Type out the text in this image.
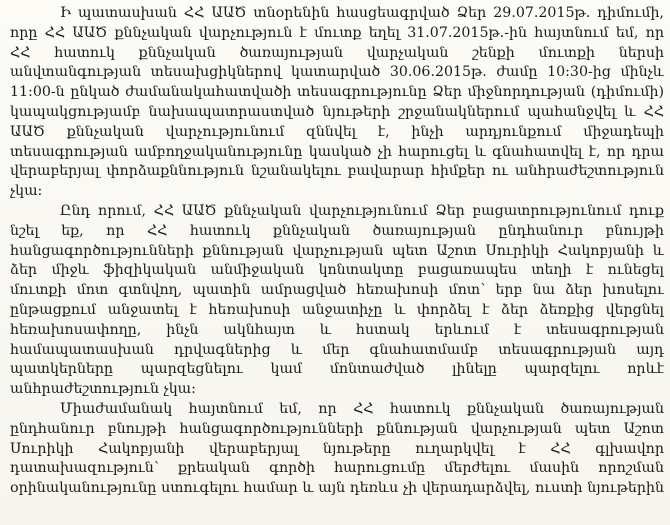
Ի պատասխան ՀՀ ԱԱԾ տնօրենին հասցեագրված Ձեր 29.07.2015թ. դիմումի,
որը ՀՀ ԱԱԾ քննչական վարչություն է մուտք եղել 31.07.2015թ.-ին հայտնում եմ, որ
ՀՀ հատուկ քննչական ծառայության վարչական շենքի մուտքի ներսի
անվտանգության տեսախցիկներով կատարված 30.06.2015թ. ժամը 10:30-ից մինչև
11:00-ն ընկած ժամանակահատվածի տեսագրությունը Ձեր միջնորդության (դիմումի)
կապակցությամբ նախապատրաստված նյութերի շրջանակներում պահանջվել և ՀՀ
ԱԱԾ քննչական վարչությունում զննվել է, ինչի արդյունքում միջադեպի
տեսագրության ամբողջականությունը կասկած չի հարուցել և գնահատվել է, որ դրա
վերաբերյալ փորձաքննություն նշանակելու բավարար հիմքեր ու անհրաժեշտություն
չկա:
Ընդ որում, ՀՀ ԱԱԾ քննչական վարչությունում Ձեր բացատրությունում դուք
նշել եք, որ ՀՀ հատուկ քննչական ծառայության ընդհանուր բնույթի
հանցագործությունների քննության վարչության պետ Աշոտ Սուրիկի Հակոբյանի և
ձեր միջև ֆիզիկական անմիջական կոնտակտը բացառապես տեղի է ունեցել
մուտքի մոտ գտնվող, պատին ամրացված հեռախոսի մոտ՝ երբ նա ձեր խոսելու
ընթացքում անջատել է հեռախոսի անջատիչը և փորձել է ձեր ձեռքից վերցնել
հեռախոսափողը, ինչն ակնհայտ և հստակ երևում է տեսագրության
համապատասխան դրվագներից և մեր գնահատմամբ տեսագրության այդ
պատկերները պարզեցնելու կամ մոնտաժված լինելը պարզելու որևէ
անհրաժեշտություն չկա:
Միաժամանակ հայտնում եմ, որ ՀՀ հատուկ քննչական ծառայության
ընդհանուր բնույթի հանցագործությունների քննության վարչության պետ Աշոտ
Սուրիկի Հակոբյանի վերաբերյալ նյութերը ուղարկվել է ՀՀ գլխավոր
դատախազություն՝ քրեական գործի հարուցումը մերժելու մասին որոշման
օրինականությունը ստուգելու համար և այն դեռևս չի վերադարձվել, ուստի նյութերին
